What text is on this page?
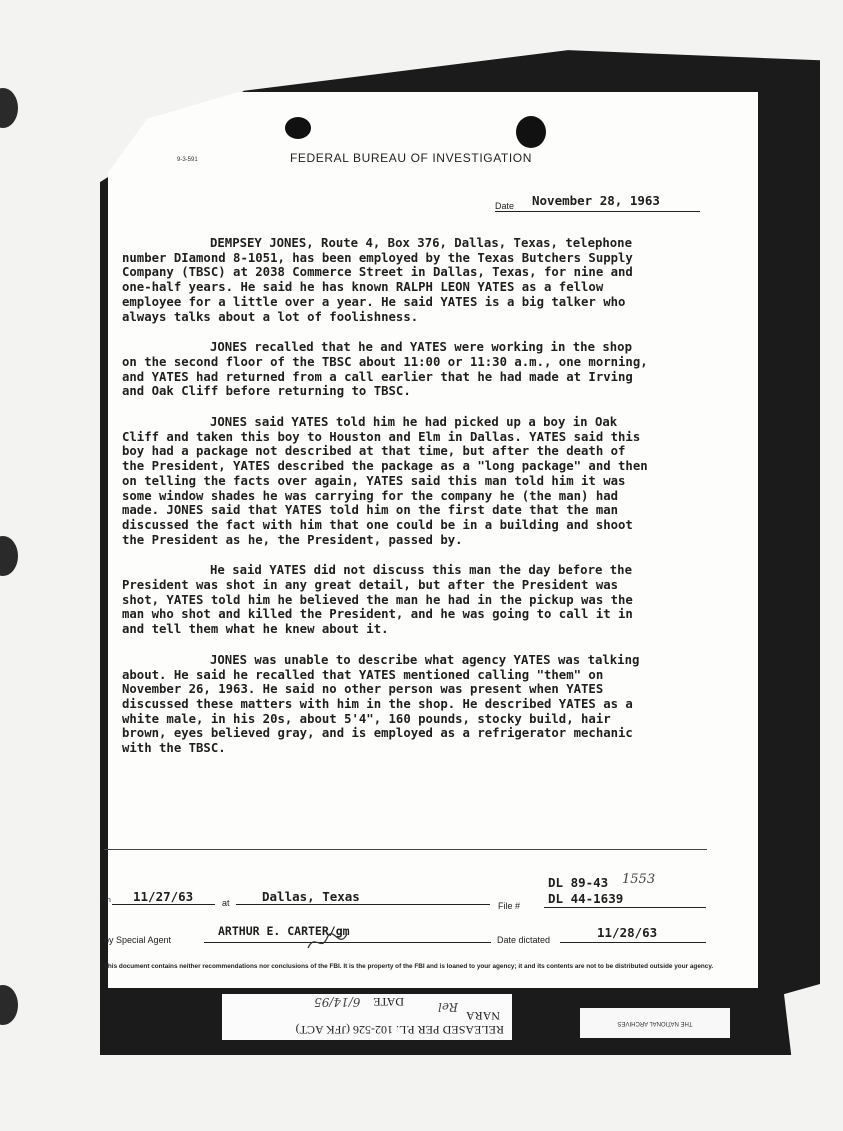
9-3-591	FEDERAL BUREAU OF INVESTIGATION
Date November 28, 1963

DEMPSEY JONES, Route 4, Box 376, Dallas, Texas, telephone number DIamond 8-1051, has been employed by the Texas Butchers Supply Company (TBSC) at 2038 Commerce Street in Dallas, Texas, for nine and one-half years. He said he has known RALPH LEON YATES as a fellow employee for a little over a year. He said YATES is a big talker who always talks about a lot of foolishness.

JONES recalled that he and YATES were working in the shop on the second floor of the TBSC about 11:00 or 11:30 a.m., one morning, and YATES had returned from a call earlier that he had made at Irving and Oak Cliff before returning to TBSC.

JONES said YATES told him he had picked up a boy in Oak Cliff and taken this boy to Houston and Elm in Dallas. YATES said this boy had a package not described at that time, but after the death of the President, YATES described the package as a "long package" and then on telling the facts over again, YATES said this man told him it was some window shades he was carrying for the company he (the man) had made. JONES said that YATES told him on the first date that the man discussed the fact with him that one could be in a building and shoot the President as he, the President, passed by.

He said YATES did not discuss this man the day before the President was shot in any great detail, but after the President was shot, YATES told him he believed the man he had in the pickup was the man who shot and killed the President, and he was going to call it in and tell them what he knew about it.

JONES was unable to describe what agency YATES was talking about. He said he recalled that YATES mentioned calling "them" on November 26, 1963. He said no other person was present when YATES discussed these matters with him in the shop. He described YATES as a white male, in his 20s, about 5'4", 160 pounds, stocky build, hair brown, eyes believed gray, and is employed as a refrigerator mechanic with the TBSC.

on 11/27/63	at	Dallas, Texas
File #
DL 89-43 1553
DL 44-1639
by Special Agent
ARTHUR E. CARTER/gm
Date dictated	11/28/63
This document contains neither recommendations nor conclusions of the FBI. It is the property of the FBI and is loaned to your agency; it and its contents are not to be distributed outside your agency.
RELEASED PER P.L. 102-526 (JFK ACT)
NARA
DATE 6/14/95	Rel
THE NATIONAL ARCHIVES
